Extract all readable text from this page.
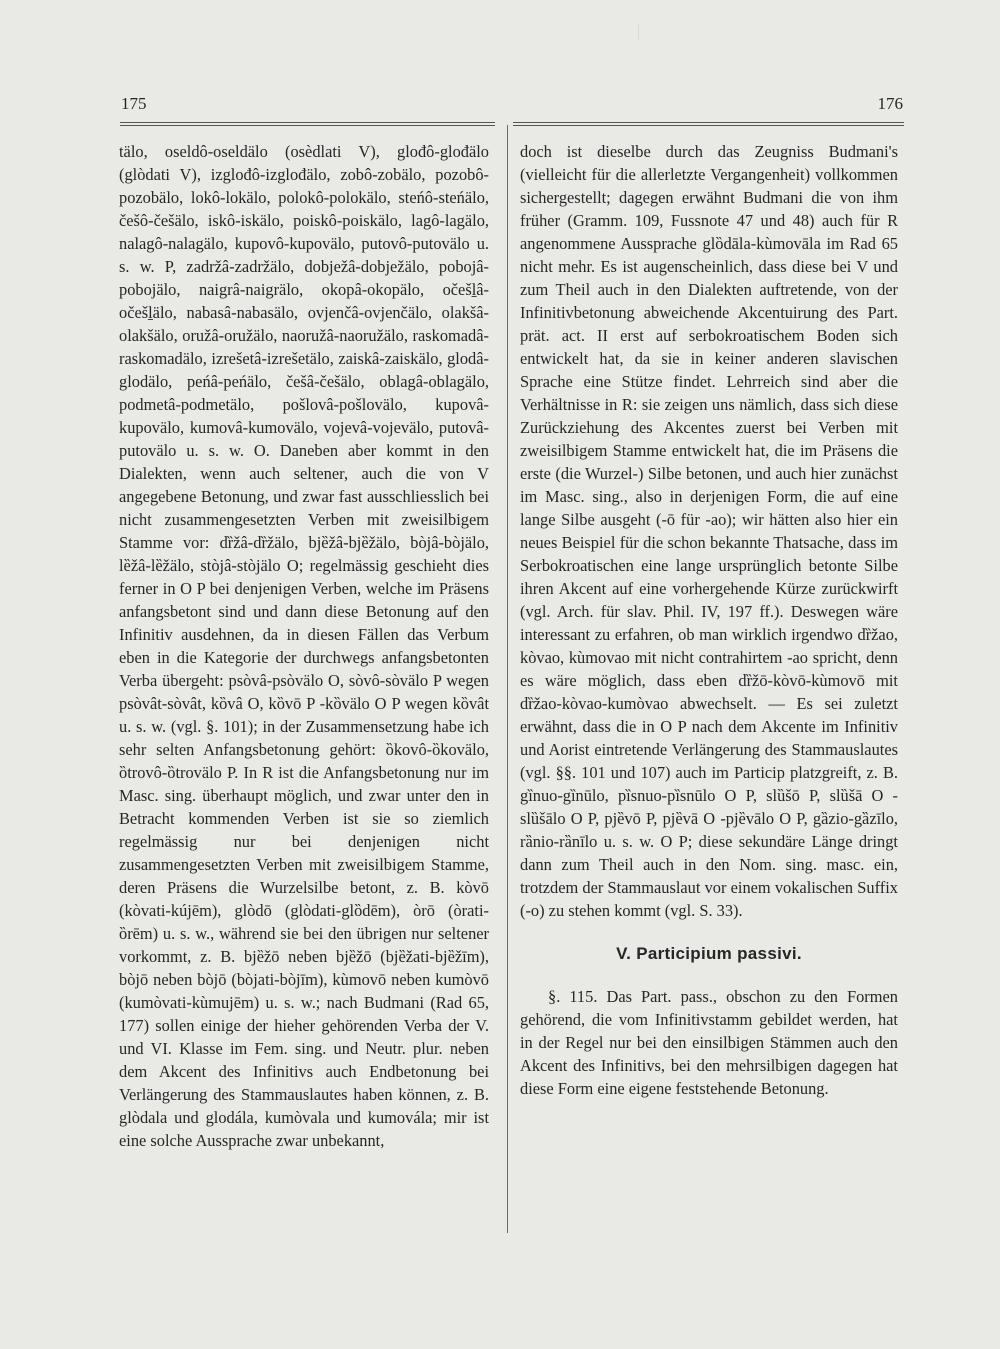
175	176

tälo, oseldô-oseldälo (osѐdlati V), glođô-glođälo (glòdati V), izglođô-izglođälo, zobô-zobälo, pozobô-pozobälo, lokô-lokälo, polokô-polokälo, steńô-steńälo, češô-češälo, iskô-iskälo, poiskô-poiskälo, lagô-lagälo, nalagô-nalagälo, kupovô-kupovälo, putovô-putovälo u. s. w. P, zadržâ-zadržälo, dobježâ-dobježälo, pobojâ-pobojälo, naigrâ-naigrälo, okopâ-okopälo, očešḻâ-očešḻälo, nabasâ-nabasälo, ovjenčâ-ovjenčälo, olakšâ-olakšälo, oružâ-oružälo, naoružâ-naoružälo, raskomadâ-raskomadälo, izrešetâ-izrešetälo, zaiskâ-zaiskälo, glodâ-glodälo, peńâ-peńälo, češâ-češälo, oblagâ-oblagälo, podmetâ-podmetälo, pošlovâ-pošlovälo, kupovâ-kupovälo, kumovâ-kumovälo, vojevâ-vojevälo, putovâ-putovälo u. s. w. O. Daneben aber kommt in den Dialekten, wenn auch seltener, auch die von V angegebene Betonung, und zwar fast ausschliesslich bei nicht zusammengesetzten Verben mit zweisilbigem Stamme vor: dȑžâ-dȑžälo, bjȅžâ-bjȅžälo, bòjâ-bòjälo, lȅžâ-lȅžälo, stòjâ-stòjälo O; regelmässig geschieht dies ferner in O P bei denjenigen Verben, welche im Präsens anfangsbetont sind und dann diese Betonung auf den Infinitiv ausdehnen, da in diesen Fällen das Verbum eben in die Kategorie der durchwegs anfangsbetonten Verba übergeht: psòvâ-psòvälo O, sòvô-sòvälo P wegen psòvât-sòvât, kȍvâ O, kȍvō P -kȍvälo O P wegen kȍvât u. s. w. (vgl. §. 101); in der Zusammensetzung habe ich sehr selten Anfangsbetonung gehört: ȍkovô-ȍkovälo, ȍtrovô-ȍtrovälo P. In R ist die Anfangsbetonung nur im Masc. sing. überhaupt möglich, und zwar unter den in Betracht kommenden Verben ist sie so ziemlich regelmässig nur bei denjenigen nicht zusammengesetzten Verben mit zweisilbigem Stamme, deren Präsens die Wurzelsilbe betont, z. B. kòvō (kòvati-kújēm), glòdō (glòdati-glȍdēm), òrō (òrati-ȍrēm) u. s. w., während sie bei den übrigen nur seltener vorkommt, z. B. bjȅžō neben bjȅžō (bjȅžati-bjȅžīm), bòjō neben bòjō (bòjati-bòjīm), kùmovō neben kumòvō (kumòvati-kùmujēm) u. s. w.; nach Budmani (Rad 65, 177) sollen einige der hieher gehörenden Verba der V. und VI. Klasse im Fem. sing. und Neutr. plur. neben dem Akcent des Infinitivs auch Endbetonung bei Verlängerung des Stammauslautes haben können, z. B. glòdala und glodála, kumòvala und kumovála; mir ist eine solche Aussprache zwar unbekannt,

doch ist dieselbe durch das Zeugniss Budmani's (vielleicht für die allerletzte Vergangenheit) vollkommen sichergestellt; dagegen erwähnt Budmani die von ihm früher (Gramm. 109, Fussnote 47 und 48) auch für R angenommene Aussprache glȍdāla-kùmovāla im Rad 65 nicht mehr. Es ist augenscheinlich, dass diese bei V und zum Theil auch in den Dialekten auftretende, von der Infinitivbetonung abweichende Akcentuirung des Part. prät. act. II erst auf serbokroatischem Boden sich entwickelt hat, da sie in keiner anderen slavischen Sprache eine Stütze findet. Lehrreich sind aber die Verhältnisse in R: sie zeigen uns nämlich, dass sich diese Zurückziehung des Akcentes zuerst bei Verben mit zweisilbigem Stamme entwickelt hat, die im Präsens die erste (die Wurzel-) Silbe betonen, und auch hier zunächst im Masc. sing., also in derjenigen Form, die auf eine lange Silbe ausgeht (-ō für -ao); wir hätten also hier ein neues Beispiel für die schon bekannte Thatsache, dass im Serbokroatischen eine lange ursprünglich betonte Silbe ihren Akcent auf eine vorhergehende Kürze zurückwirft (vgl. Arch. für slav. Phil. IV, 197 ff.). Deswegen wäre interessant zu erfahren, ob man wirklich irgendwo dȑžao, kòvao, kùmovao mit nicht contrahirtem -ao spricht, denn es wäre möglich, dass eben dȑžō-kòvō-kùmovō mit dȑžao-kòvao-kumòvao abwechselt. — Es sei zuletzt erwähnt, dass die in O P nach dem Akcente im Infinitiv und Aorist eintretende Verlängerung des Stammauslautes (vgl. §§. 101 und 107) auch im Particip platzgreift, z. B. gȉnuo-gȉnūlo, pȉsnuo-pȉsnūlo O P, slȕšō P, slȕšā O -slȕšālo O P, pjȅvō P, pjȅvā O -pjȅvālo O P, gȁzio-gȁzīlo, rȁnio-rȁnīlo u. s. w. O P; diese sekundäre Länge dringt dann zum Theil auch in den Nom. sing. masc. ein, trotzdem der Stammauslaut vor einem vokalischen Suffix (-o) zu stehen kommt (vgl. S. 33).

V. Participium passivi.

§. 115. Das Part. pass., obschon zu den Formen gehörend, die vom Infinitivstamm gebildet werden, hat in der Regel nur bei den einsilbigen Stämmen auch den Akcent des Infinitivs, bei den mehrsilbigen dagegen hat diese Form eine eigene feststehende Betonung.
